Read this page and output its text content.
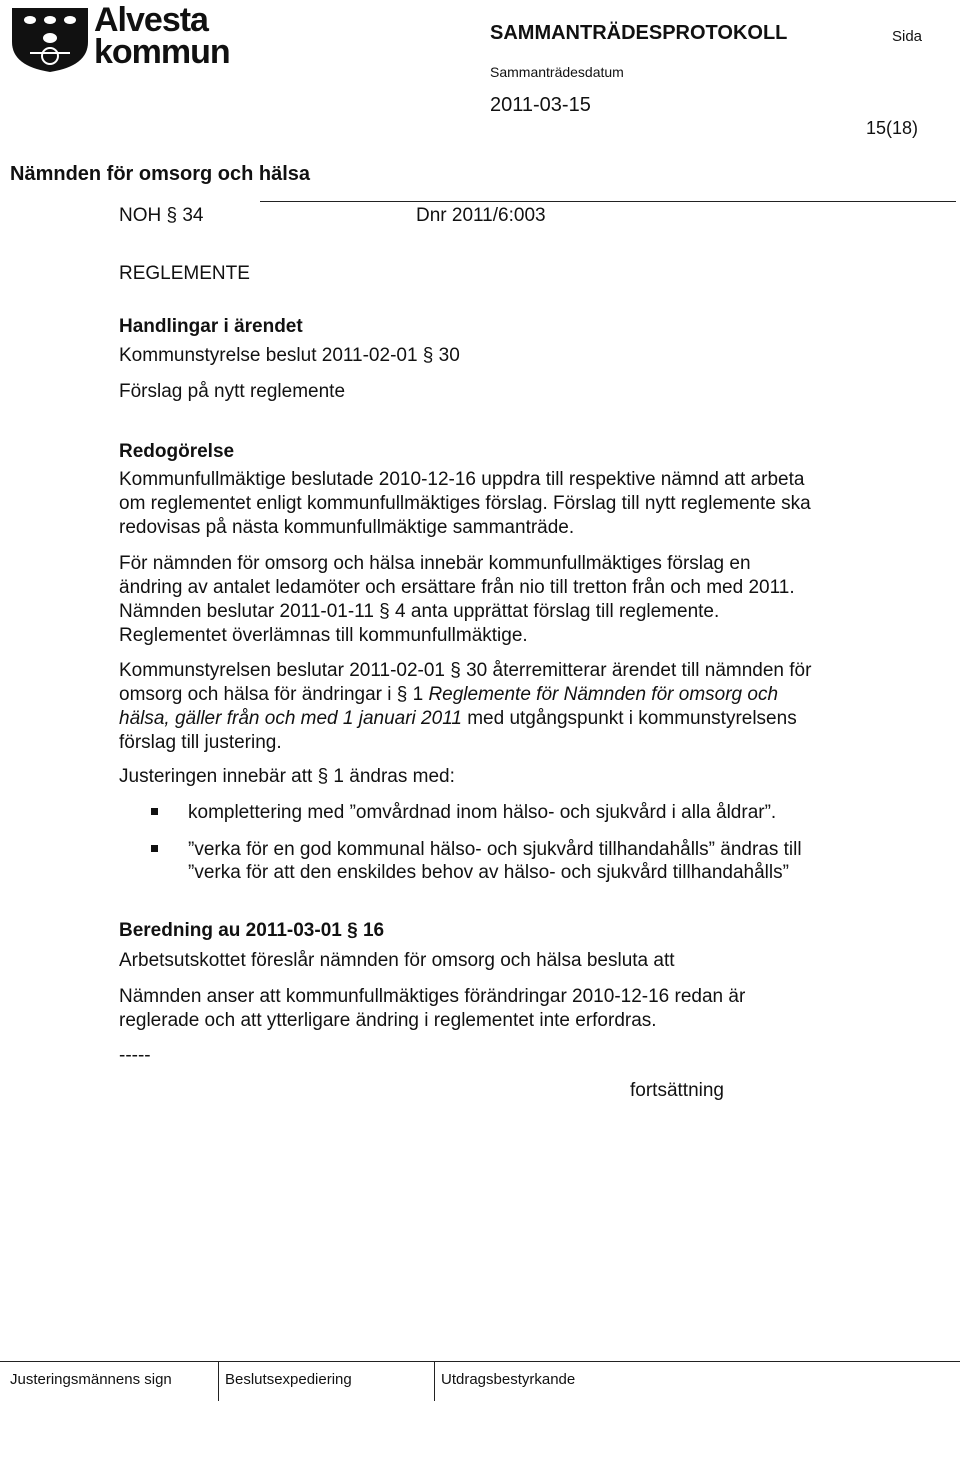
Alvesta
kommun	SAMMANTRÄDESPROTOKOLL	Sida
Sammanträdesdatum
2011-03-15
15(18)
Nämnden för omsorg och hälsa
NOH § 34	Dnr 2011/6:003
REGLEMENTE
Handlingar i ärendet
Kommunstyrelse beslut 2011-02-01 § 30
Förslag på nytt reglemente
Redogörelse
Kommunfullmäktige beslutade 2010-12-16 uppdra till respektive nämnd att arbeta
om reglementet enligt kommunfullmäktiges förslag. Förslag till nytt reglemente ska
redovisas på nästa kommunfullmäktige sammanträde.
För nämnden för omsorg och hälsa innebär kommunfullmäktiges förslag en
ändring av antalet ledamöter och ersättare från nio till tretton från och med 2011.
Nämnden beslutar 2011-01-11 § 4 anta upprättat förslag till reglemente.
Reglementet överlämnas till kommunfullmäktige.
Kommunstyrelsen beslutar 2011-02-01 § 30 återremitterar ärendet till nämnden för
omsorg och hälsa för ändringar i § 1 Reglemente för Nämnden för omsorg och
hälsa, gäller från och med 1 januari 2011 med utgångspunkt i kommunstyrelsens
förslag till justering.
Justeringen innebär att § 1 ändras med:
komplettering med ”omvårdnad inom hälso- och sjukvård i alla åldrar”.
”verka för en god kommunal hälso- och sjukvård tillhandahålls” ändras till
”verka för att den enskildes behov av hälso- och sjukvård tillhandahålls”
Beredning au 2011-03-01 § 16
Arbetsutskottet föreslår nämnden för omsorg och hälsa besluta att
Nämnden anser att kommunfullmäktiges förändringar 2010-12-16 redan är
reglerade och att ytterligare ändring i reglementet inte erfordras.
-----
fortsättning
Justeringsmännens sign	Beslutsexpediering	Utdragsbestyrkande
